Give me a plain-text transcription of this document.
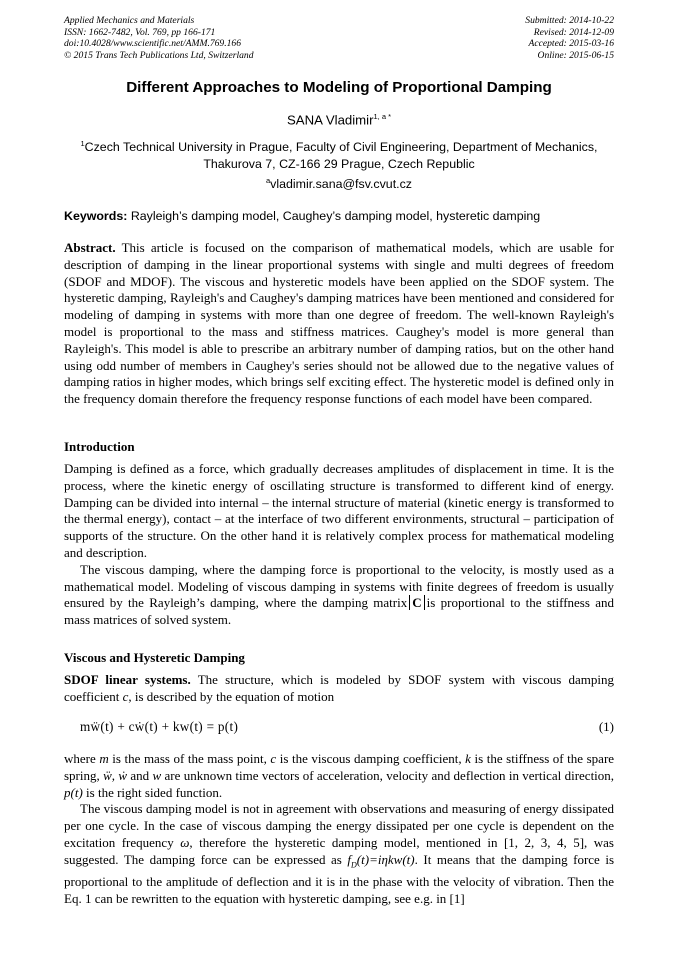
Applied Mechanics and Materials
ISSN: 1662-7482, Vol. 769, pp 166-171
doi:10.4028/www.scientific.net/AMM.769.166
© 2015 Trans Tech Publications Ltd, Switzerland
Submitted: 2014-10-22
Revised: 2014-12-09
Accepted: 2015-03-16
Online: 2015-06-15
Different Approaches to Modeling of Proportional Damping
SANA Vladimir$^{1, a *}$
$^1$Czech Technical University in Prague, Faculty of Civil Engineering, Department of Mechanics,
Thakurova 7, CZ-166 29 Prague, Czech Republic
$^a$vladimir.sana@fsv.cvut.cz
Keywords: Rayleigh’s damping model, Caughey’s damping model, hysteretic damping

Abstract. This article is focused on the comparison of mathematical models, which are usable for description of damping in the linear proportional systems with single and multi degrees of freedom (SDOF and MDOF). The viscous and hysteretic models have been applied on the SDOF system. The hysteretic damping, Rayleigh's and Caughey's damping matrices have been mentioned and considered for modeling of damping in systems with more than one degree of freedom. The well-known Rayleigh's model is proportional to the mass and stiffness matrices. Caughey's model is more general than Rayleigh's. This model is able to prescribe an arbitrary number of damping ratios, but on the other hand using odd number of members in Caughey's series should not be allowed due to the negative values of damping ratios in higher modes, which brings self exciting effect. The hysteretic model is defined only in the frequency domain therefore the frequency response functions of each model have been compared.

Introduction

Damping is defined as a force, which gradually decreases amplitudes of displacement in time. It is the process, where the kinetic energy of oscillating structure is transformed to different kind of energy. Damping can be divided into internal – the internal structure of material (kinetic energy is transformed to the thermal energy), contact – at the interface of two different environments, structural – participation of supports of the structure. On the other hand it is relatively complex process for mathematical modeling and description.

The viscous damping, where the damping force is proportional to the velocity, is mostly used as a mathematical model. Modeling of viscous damping in systems with finite degrees of freedom is usually ensured by the Rayleigh’s damping, where the damping matrix C is proportional to the stiffness and mass matrices of solved system.

Viscous and Hysteretic Damping

SDOF linear systems. The structure, which is modeled by SDOF system with viscous damping coefficient c, is described by the equation of motion

mẅ(t) + cẇ(t) + kw(t) = p(t)	(1)

where m is the mass of the mass point, c is the viscous damping coefficient, k is the stiffness of the spare spring, ẅ, ẇ and w are unknown time vectors of acceleration, velocity and deflection in vertical direction, p(t) is the right sided function.

The viscous damping model is not in agreement with observations and measuring of energy dissipated per one cycle. In the case of viscous damping the energy dissipated per one cycle is dependent on the excitation frequency ω, therefore the hysteretic damping model, mentioned in [1, 2, 3, 4, 5], was suggested. The damping force can be expressed as $f_D(t)=i\eta kw(t)$. It means that the damping force is proportional to the amplitude of deflection and it is in the phase with the velocity of vibration. Then the Eq. 1 can be rewritten to the equation with hysteretic damping, see e.g. in [1]
